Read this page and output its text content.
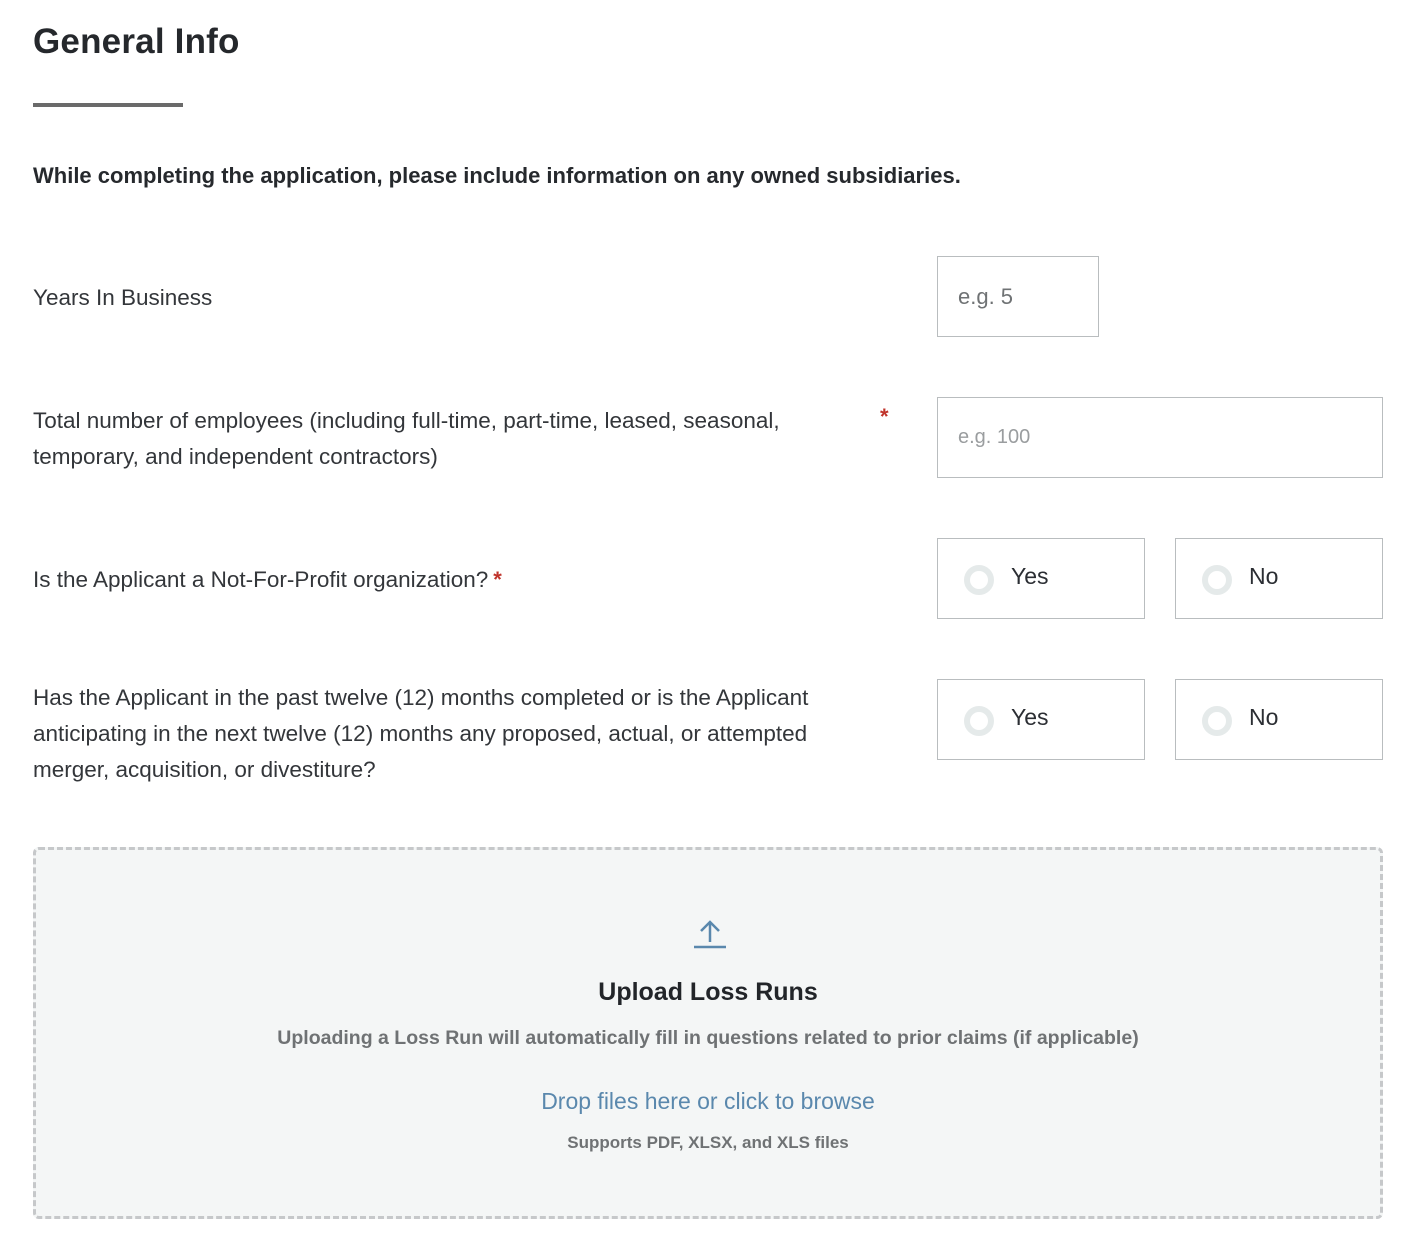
General Info

While completing the application, please include information on any owned subsidiaries.

Years In Business
e.g. 5
Total number of employees (including full-time, part-time, leased, seasonal,
temporary, and independent contractors)
*
e.g. 100
Is the Applicant a Not-For-Profit organization? *	Yes	No
Has the Applicant in the past twelve (12) months completed or is the Applicant
anticipating in the next twelve (12) months any proposed, actual, or attempted
merger, acquisition, or divestiture?
Yes	No
Upload Loss Runs
Uploading a Loss Run will automatically fill in questions related to prior claims (if applicable)
Drop files here or click to browse
Supports PDF, XLSX, and XLS files
